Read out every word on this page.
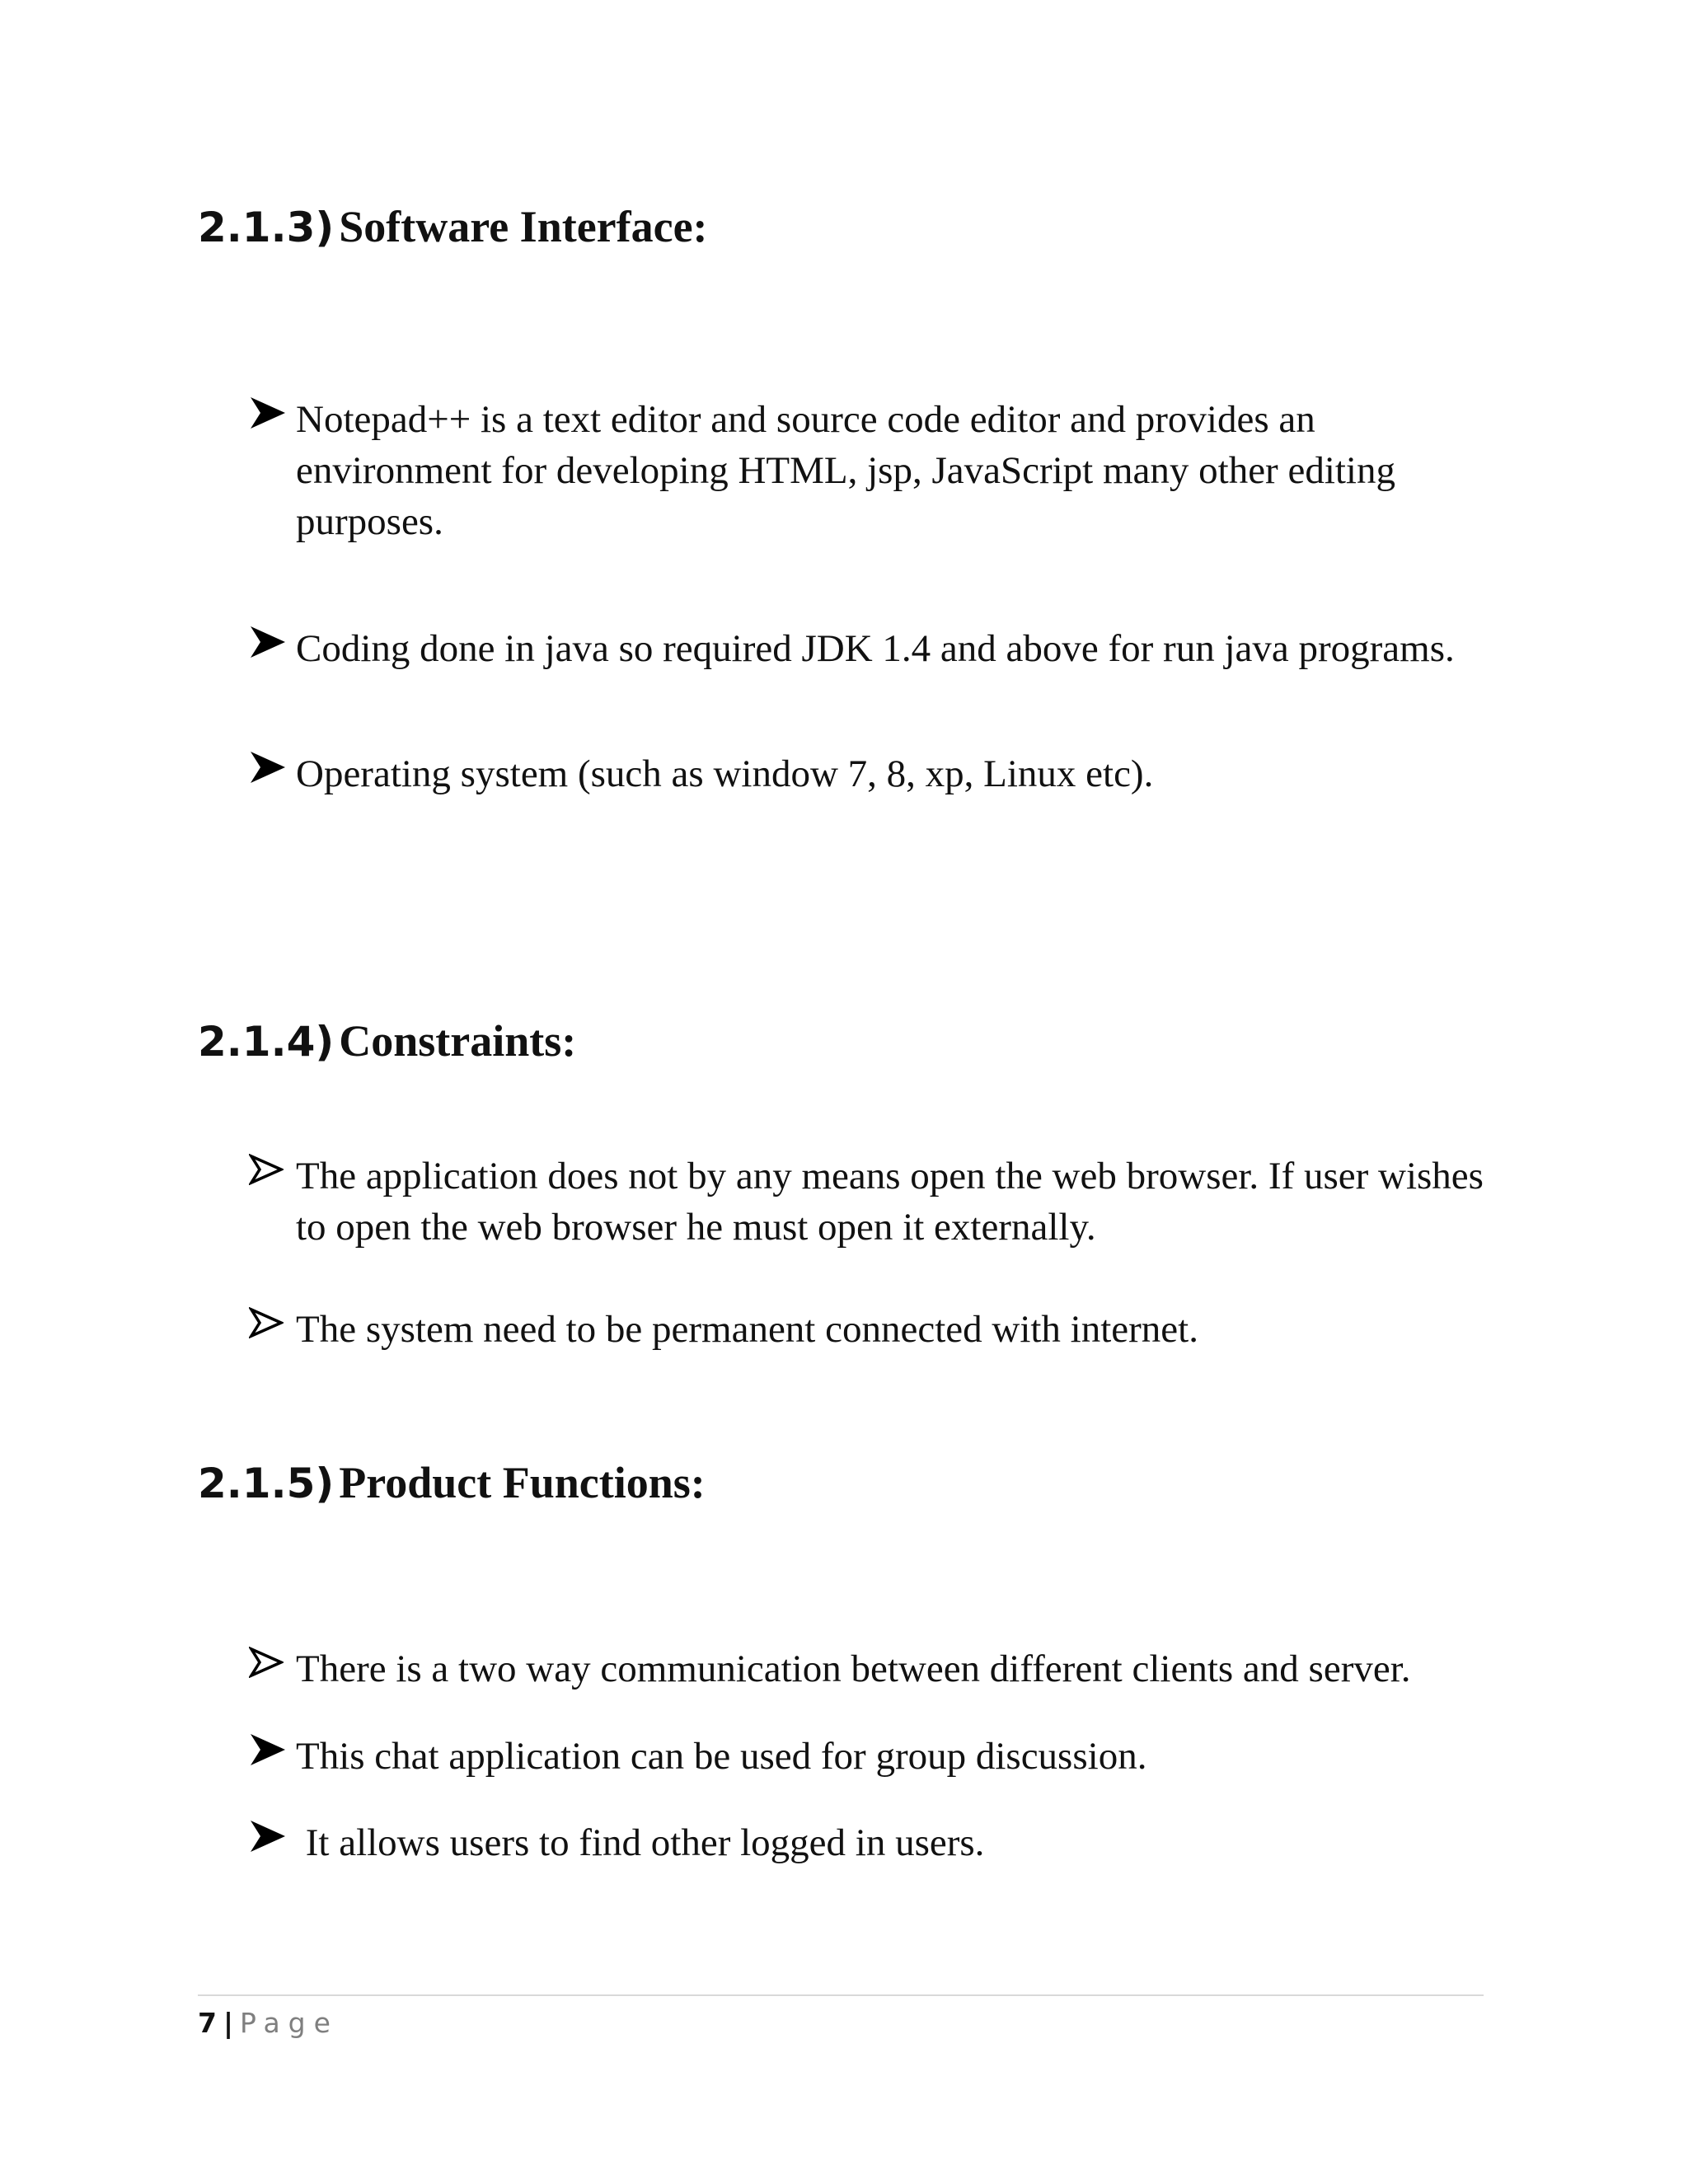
2.1.3) Software Interface:
Notepad++ is a text editor and source code editor and provides an
environment for developing HTML, jsp, JavaScript many other editing
purposes.
Coding done in java so required JDK 1.4 and above for run java programs.
Operating system (such as window 7, 8, xp, Linux etc).
2.1.4) Constraints:
The application does not by any means open the web browser. If user wishes
to open the web browser he must open it externally.
The system need to be permanent connected with internet.
2.1.5) Product Functions:
There is a two way communication between different clients and server.
This chat application can be used for group discussion.
It allows users to find other logged in users.
7 | Page
